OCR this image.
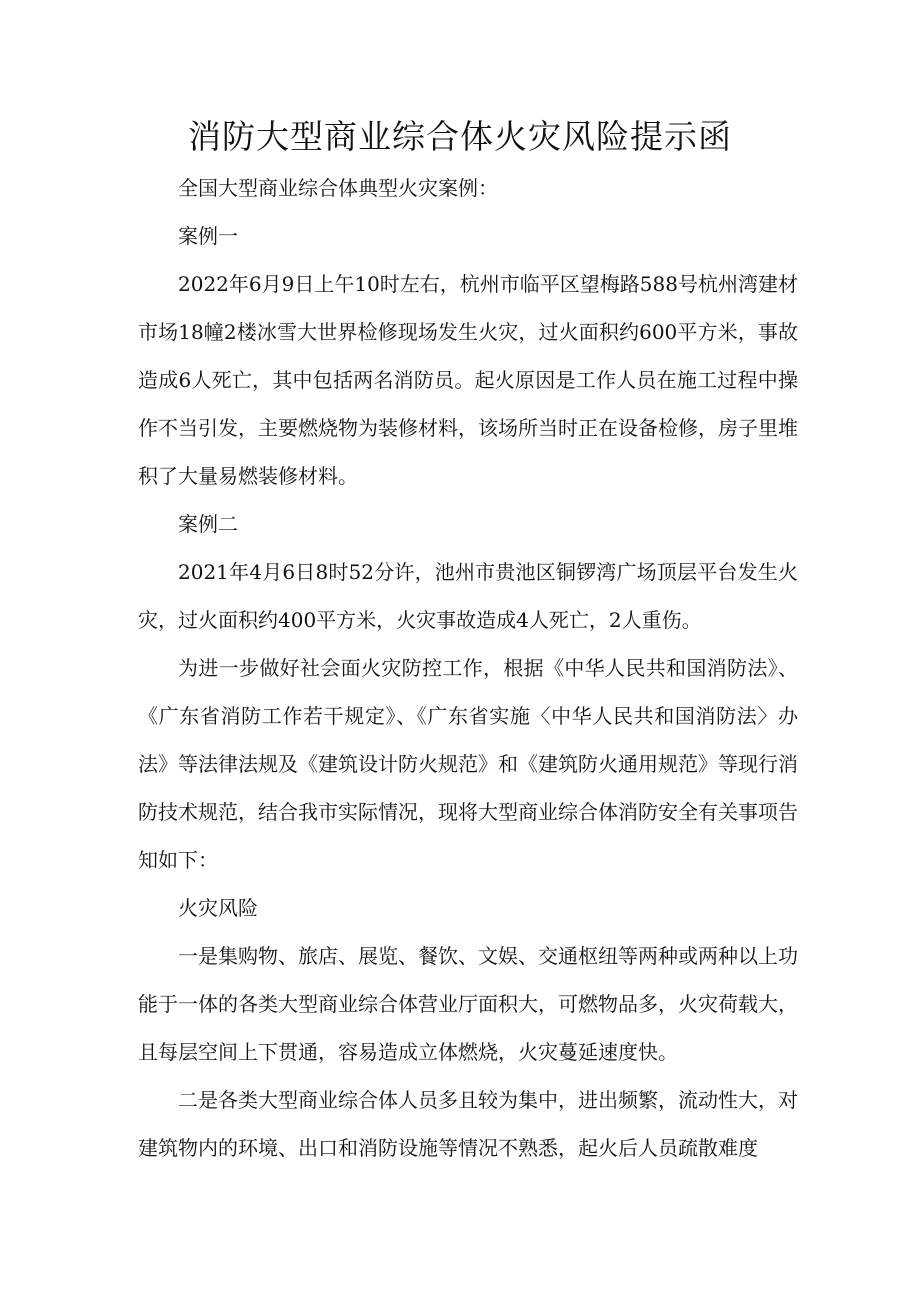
消防大型商业综合体火灾风险提示函

全国大型商业综合体典型火灾案例：

案例一

2022年6月9日上午10时左右，杭州市临平区望梅路588号杭州湾建材市场18幢2楼冰雪大世界检修现场发生火灾，过火面积约600平方米，事故造成6人死亡，其中包括两名消防员。起火原因是工作人员在施工过程中操作不当引发，主要燃烧物为装修材料，该场所当时正在设备检修，房子里堆积了大量易燃装修材料。

案例二

2021年4月6日8时52分许，池州市贵池区铜锣湾广场顶层平台发生火灾，过火面积约400平方米，火灾事故造成4人死亡，2人重伤。

为进一步做好社会面火灾防控工作，根据《中华人民共和国消防法》、《广东省消防工作若干规定》、《广东省实施〈中华人民共和国消防法〉办法》等法律法规及《建筑设计防火规范》和《建筑防火通用规范》等现行消防技术规范，结合我市实际情况，现将大型商业综合体消防安全有关事项告知如下：

火灾风险

一是集购物、旅店、展览、餐饮、文娱、交通枢纽等两种或两种以上功能于一体的各类大型商业综合体营业厅面积大，可燃物品多，火灾荷载大，且每层空间上下贯通，容易造成立体燃烧，火灾蔓延速度快。

二是各类大型商业综合体人员多且较为集中，进出频繁，流动性大，对建筑物内的环境、出口和消防设施等情况不熟悉，起火后人员疏散难度
